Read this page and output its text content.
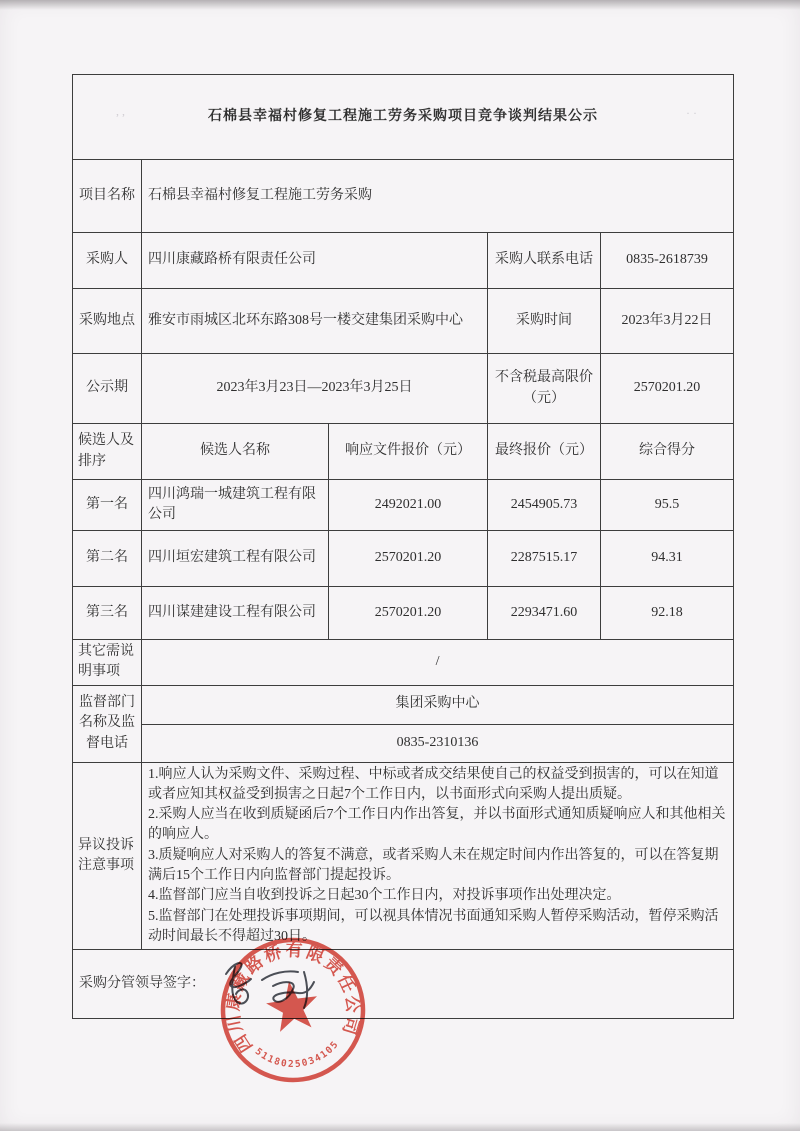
, ,	· ·
石棉县幸福村修复工程施工劳务采购项目竞争谈判结果公示				
项目名称	石棉县幸福村修复工程施工劳务采购			
采购人	四川康藏路桥有限责任公司		采购人联系电话	0835-2618739
采购地点	雅安市雨城区北环东路308号一楼交建集团采购中心		采购时间	2023年3月22日
公示期	2023年3月23日—2023年3月25日		不含税最高限价（元）	2570201.20
候选人及排序	候选人名称	响应文件报价（元）	最终报价（元）	综合得分
第一名	四川鸿瑞一城建筑工程有限公司	2492021.00	2454905.73	95.5
第二名	四川垣宏建筑工程有限公司	2570201.20	2287515.17	94.31
第三名	四川谋建建设工程有限公司	2570201.20	2293471.60	92.18
其它需说明事项	/			
监督部门名称及监督电话	集团采购中心			
	0835-2310136			
异议投诉注意事项	1.响应人认为采购文件、采购过程、中标或者成交结果使自己的权益受到损害的，可以在知道或者应知其权益受到损害之日起7个工作日内，以书面形式向采购人提出质疑。
2.采购人应当在收到质疑函后7个工作日内作出答复，并以书面形式通知质疑响应人和其他相关的响应人。
3.质疑响应人对采购人的答复不满意，或者采购人未在规定时间内作出答复的，可以在答复期满后15个工作日内向监督部门提起投诉。
4.监督部门应当自收到投诉之日起30个工作日内，对投诉事项作出处理决定。
5.监督部门在处理投诉事项期间，可以视具体情况书面通知采购人暂停采购活动，暂停采购活动时间最长不得超过30日。			

采购分管领导签字：				
四川康藏路桥有限责任公司
5118025034105
